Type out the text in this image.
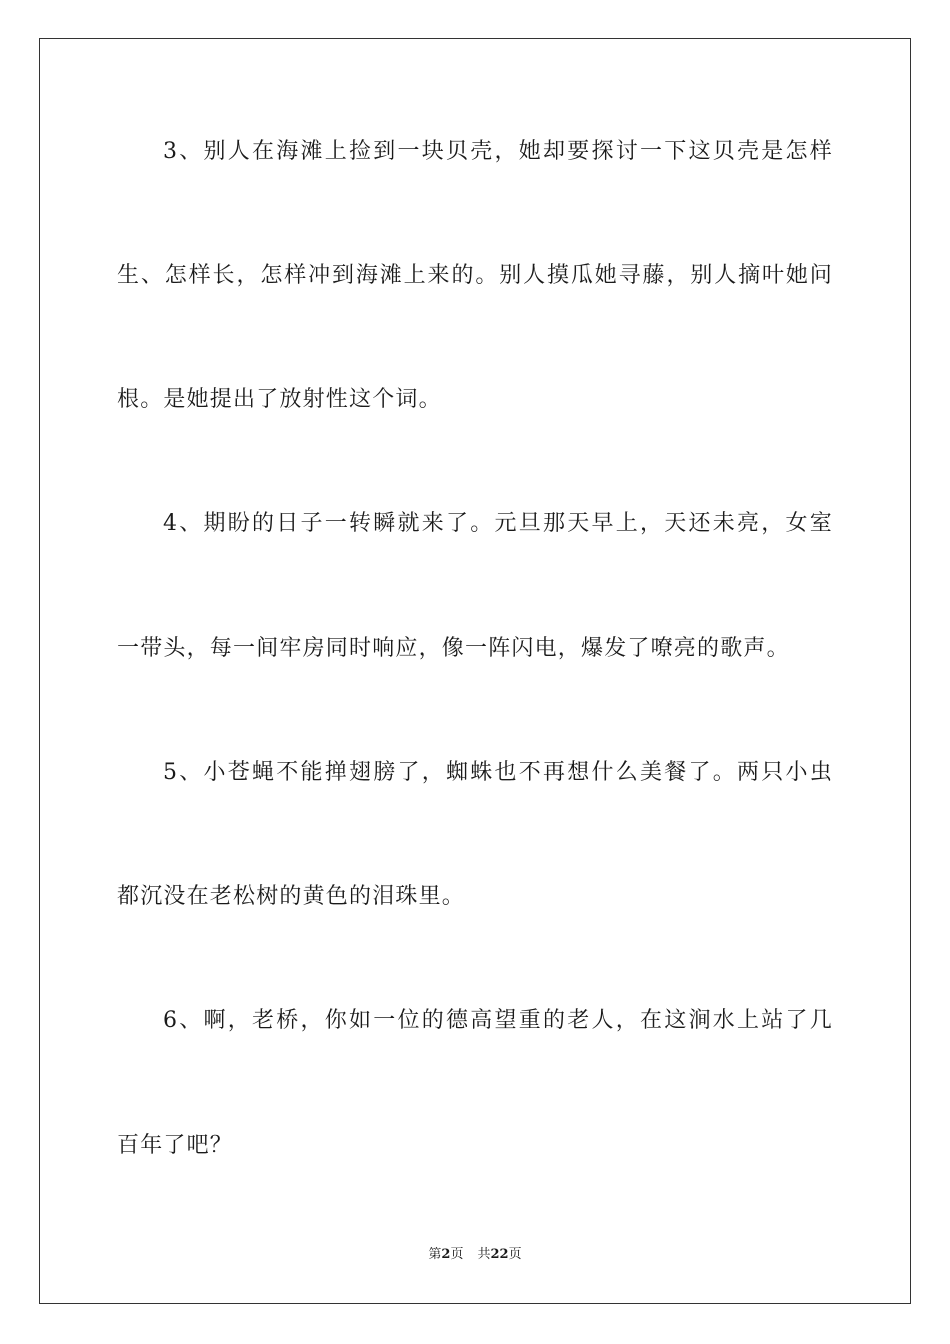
3、别人在海滩上捡到一块贝壳，她却要探讨一下这贝壳是怎样
生、怎样长，怎样冲到海滩上来的。别人摸瓜她寻藤，别人摘叶她问
根。是她提出了放射性这个词。
4、期盼的日子一转瞬就来了。元旦那天早上，天还未亮，女室
一带头，每一间牢房同时响应，像一阵闪电，爆发了嘹亮的歌声。
5、小苍蝇不能掸翅膀了，蜘蛛也不再想什么美餐了。两只小虫
都沉没在老松树的黄色的泪珠里。
6、啊，老桥，你如一位的德高望重的老人，在这涧水上站了几
百年了吧？
第2页 共22页
